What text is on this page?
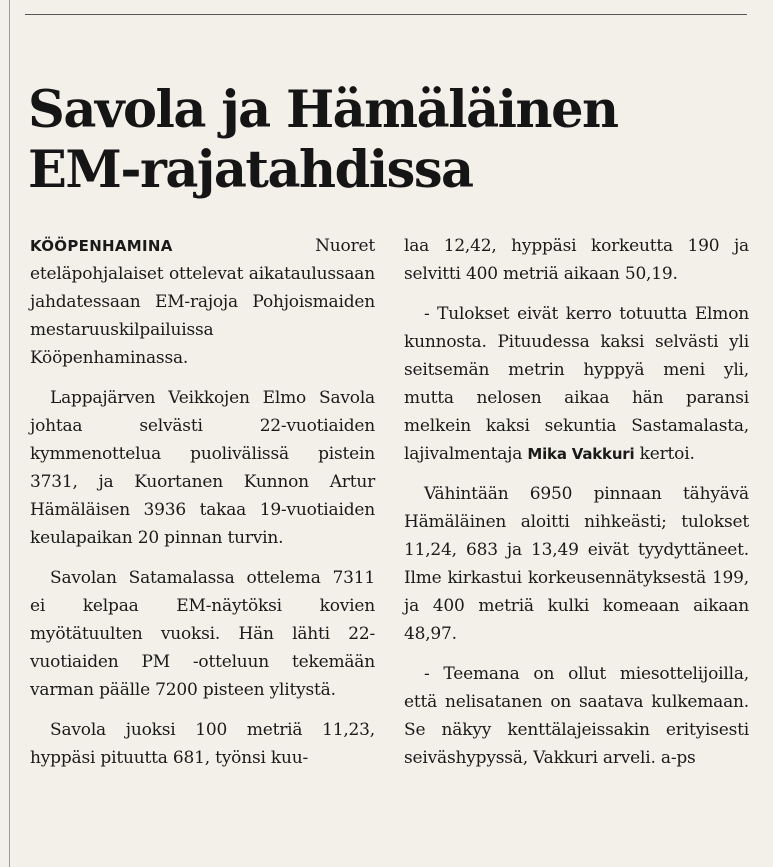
Savola ja Hämäläinen
EM-rajatahdissa

KÖÖPENHAMINA Nuoret eteläpohjalaiset ottelevat aikataulussaan jahdatessaan EM-rajoja Pohjoismaiden mestaruuskilpailuissa Kööpenhaminassa.

Lappajärven Veikkojen Elmo Savola johtaa selvästi 22-vuotiaiden kymmenottelua puolivälissä pistein 3731, ja Kuortanen Kunnon Artur Hämäläisen 3936 takaa 19-vuotiaiden keulapaikan 20 pinnan turvin.

Savolan Satamalassa ottelema 7311 ei kelpaa EM-näytöksi kovien myötätuulten vuoksi. Hän lähti 22-vuotiaiden PM -otteluun tekemään varman päälle 7200 pisteen ylitystä.

Savola juoksi 100 metriä 11,23, hyppäsi pituutta 681, työnsi kuu-

laa 12,42, hyppäsi korkeutta 190 ja selvitti 400 metriä aikaan 50,19.

- Tulokset eivät kerro totuutta Elmon kunnosta. Pituudessa kaksi selvästi yli seitsemän metrin hyppyä meni yli, mutta nelosen aikaa hän paransi melkein kaksi sekuntia Sastamalasta, lajivalmentaja Mika Vakkuri kertoi.

Vähintään 6950 pinnaan tähyävä Hämäläinen aloitti nihkeästi; tulokset 11,24, 683 ja 13,49 eivät tyydyttäneet. Ilme kirkastui korkeusennätyksestä 199, ja 400 metriä kulki komeaan aikaan 48,97.

- Teemana on ollut miesottelijoilla, että nelisatanen on saatava kulkemaan. Se näkyy kenttälajeissakin erityisesti seiväshypyssä, Vakkuri arveli. a-ps
